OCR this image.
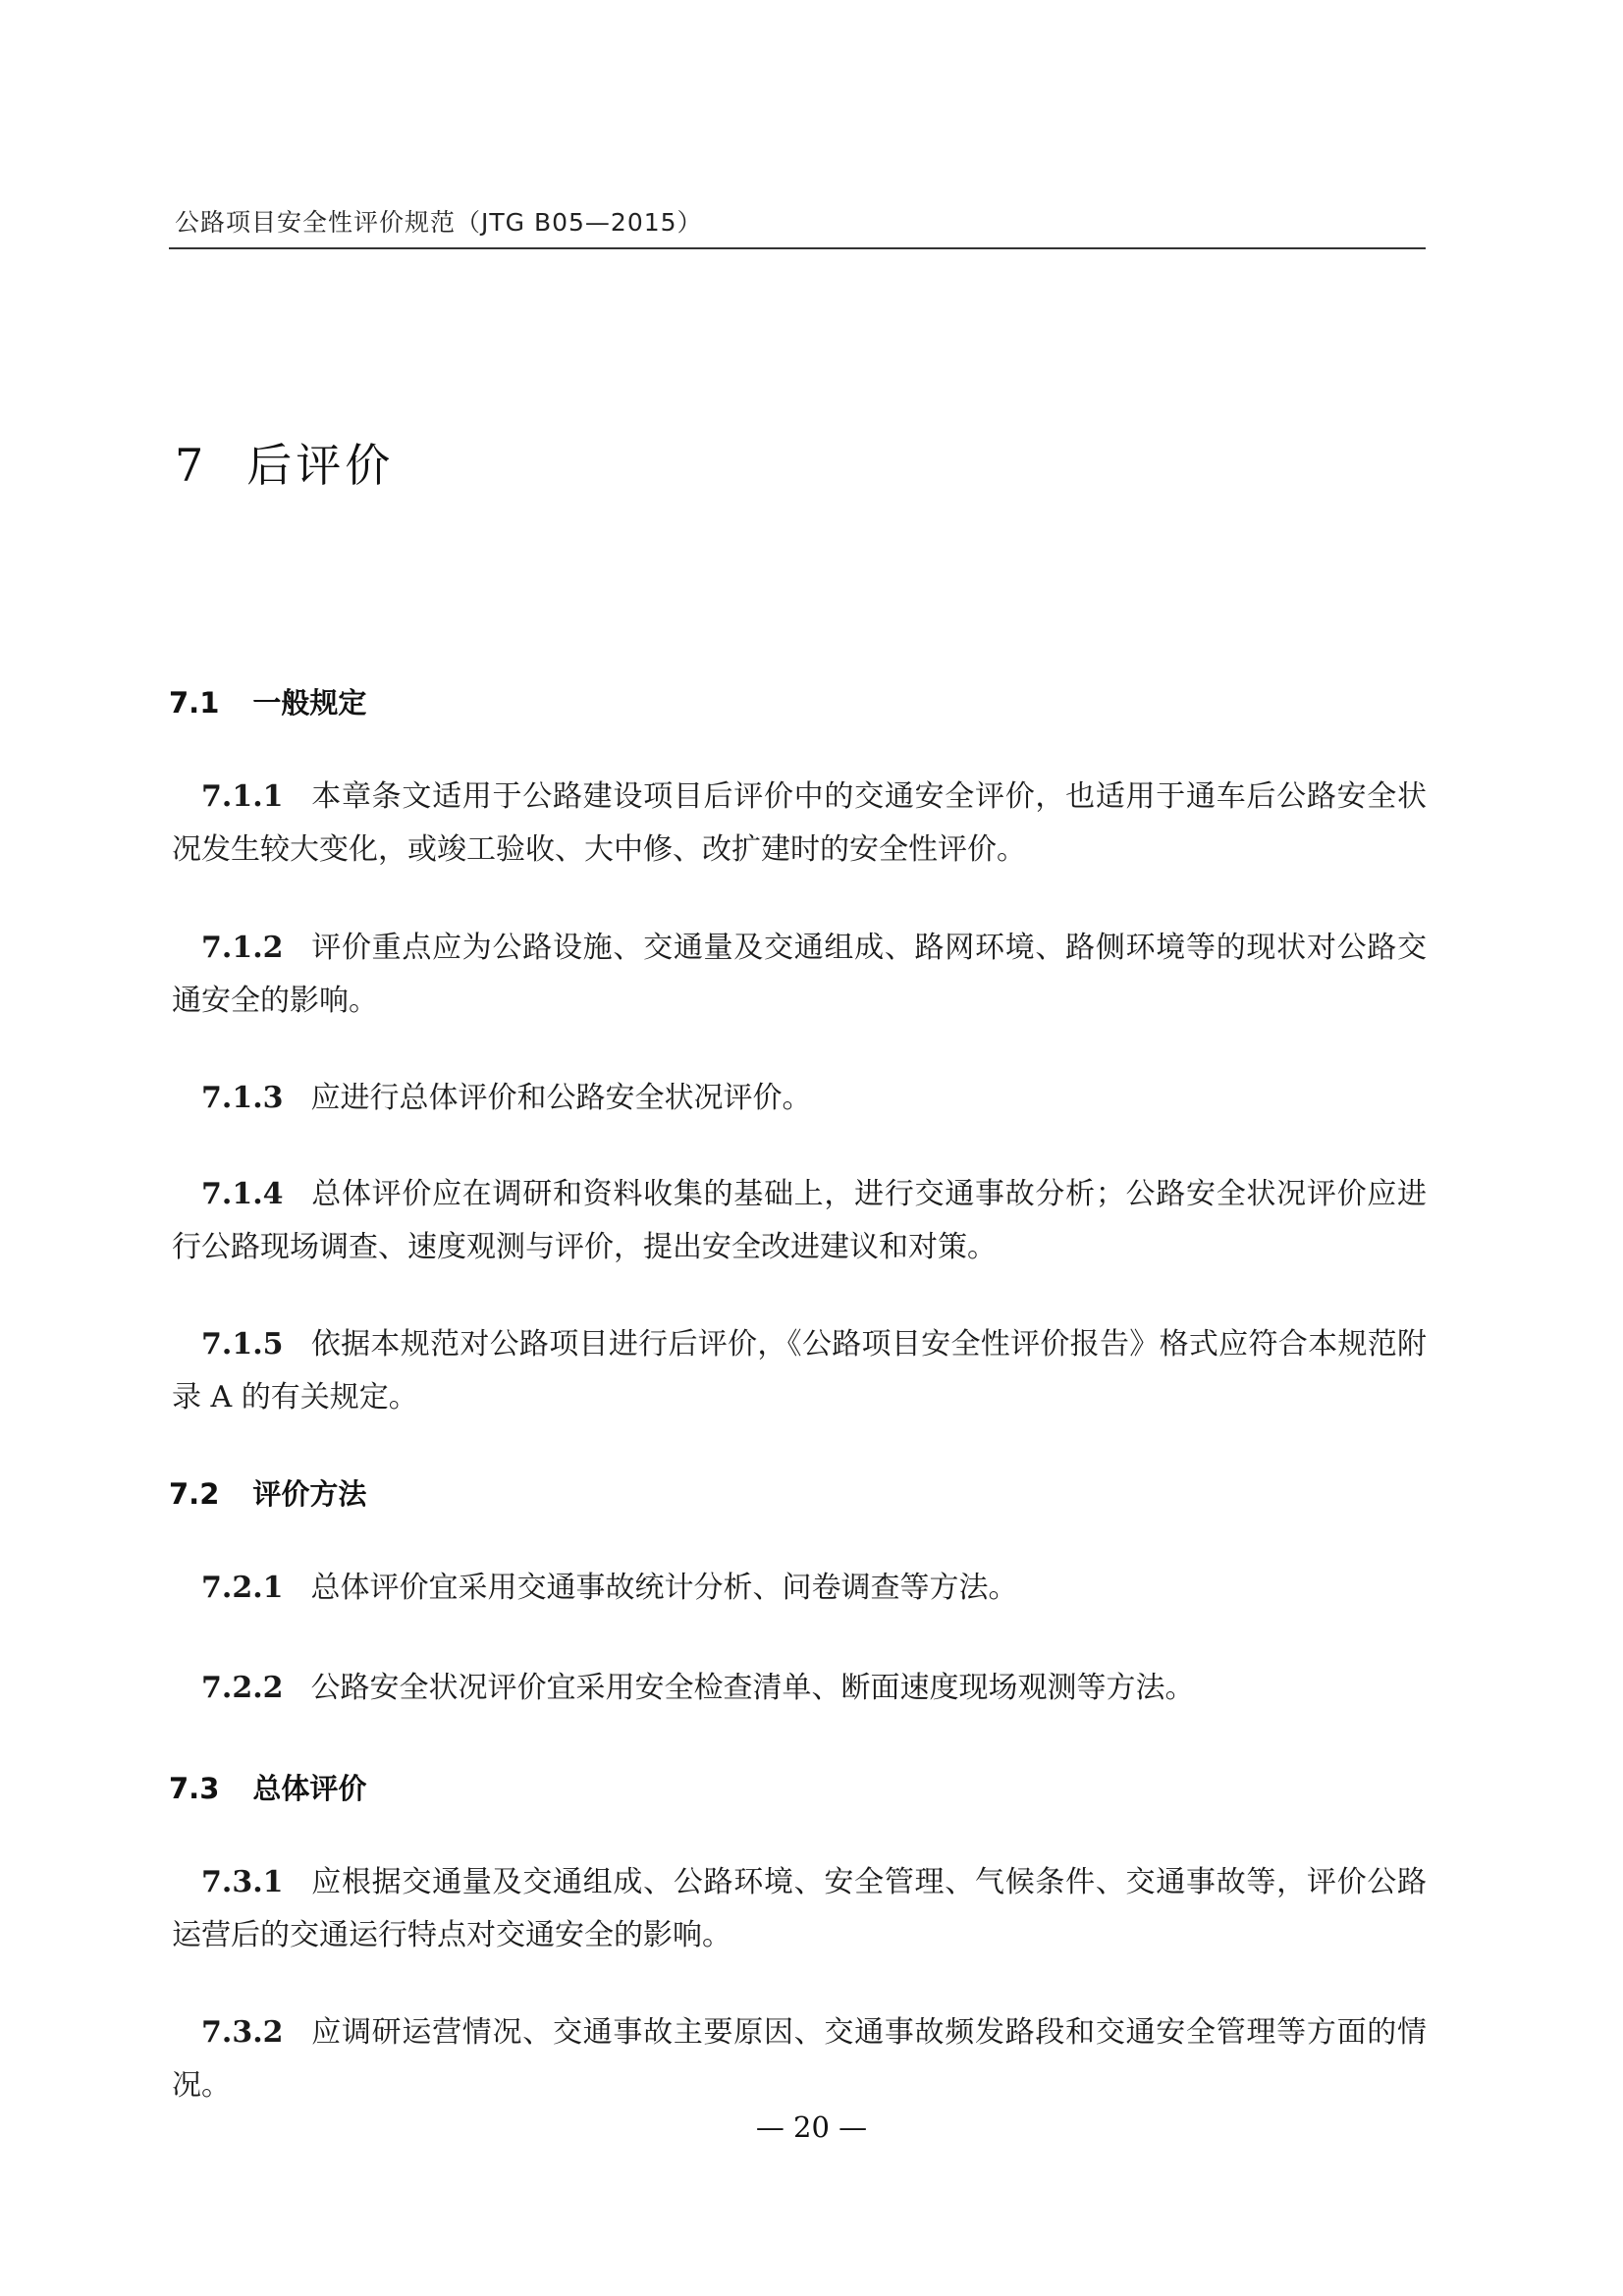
公路项目安全性评价规范（JTG B05—2015）
7 后评价
7.1 一般规定
7.1.1 本章条文适用于公路建设项目后评价中的交通安全评价，也适用于通车后公路安全状况发生较大变化，或竣工验收、大中修、改扩建时的安全性评价。
7.1.2 评价重点应为公路设施、交通量及交通组成、路网环境、路侧环境等的现状对公路交通安全的影响。
7.1.3 应进行总体评价和公路安全状况评价。
7.1.4 总体评价应在调研和资料收集的基础上，进行交通事故分析；公路安全状况评价应进行公路现场调查、速度观测与评价，提出安全改进建议和对策。
7.1.5 依据本规范对公路项目进行后评价，《公路项目安全性评价报告》格式应符合本规范附录 A 的有关规定。
7.2 评价方法
7.2.1 总体评价宜采用交通事故统计分析、问卷调查等方法。
7.2.2 公路安全状况评价宜采用安全检查清单、断面速度现场观测等方法。
7.3 总体评价
7.3.1 应根据交通量及交通组成、公路环境、安全管理、气候条件、交通事故等，评价公路运营后的交通运行特点对交通安全的影响。
7.3.2 应调研运营情况、交通事故主要原因、交通事故频发路段和交通安全管理等方面的情况。
— 20 —
